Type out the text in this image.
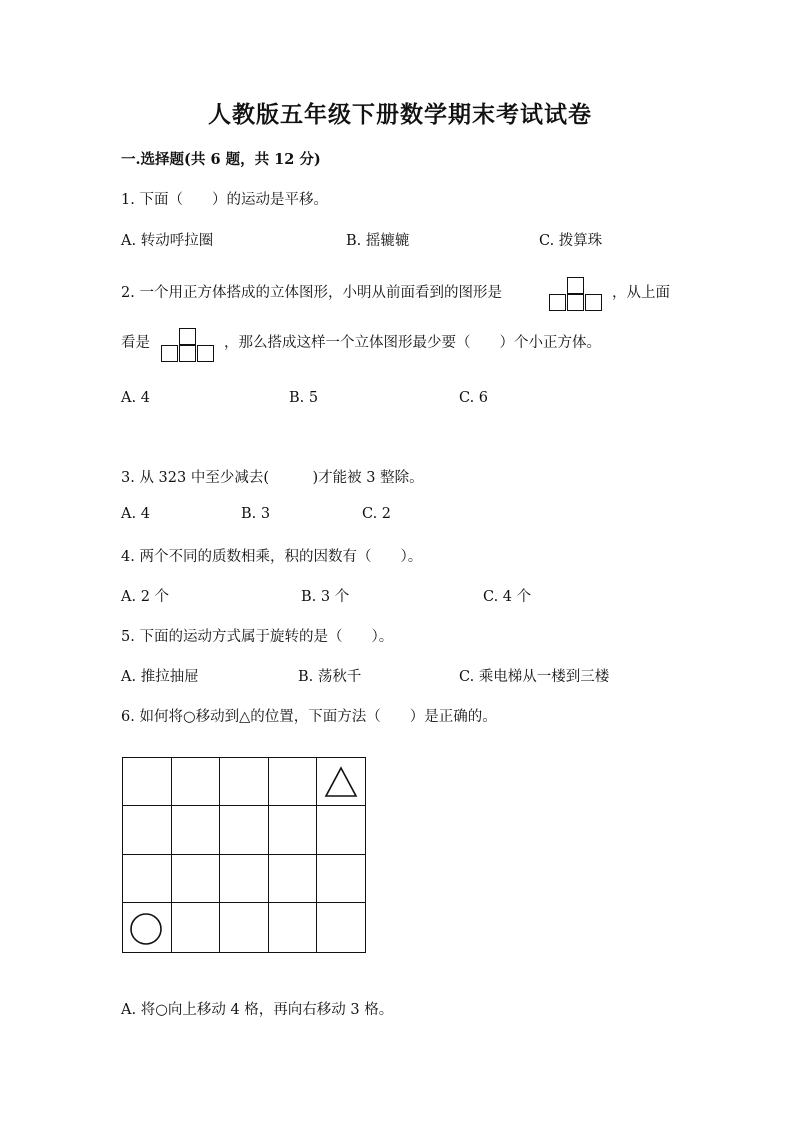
人教版五年级下册数学期末考试试卷
一.选择题(共 6 题，共 12 分)
1. 下面（　　）的运动是平移。
A. 转动呼拉圈	B. 摇辘辘	C. 拨算珠
2. 一个用正方体搭成的立体图形，小明从前面看到的图形是	，从上面
看是	，那么搭成这样一个立体图形最少要（　　）个小正方体。
A. 4	B. 5	C. 6
3. 从 323 中至少减去(　　　)才能被 3 整除。
A. 4	B. 3	C. 2
4. 两个不同的质数相乘，积的因数有（　　）。
A. 2 个	B. 3 个	C. 4 个
5. 下面的运动方式属于旋转的是（　　）。
A. 推拉抽屉	B. 荡秋千	C. 乘电梯从一楼到三楼
6. 如何将○移动到△的位置，下面方法（　　）是正确的。
A. 将○向上移动 4 格，再向右移动 3 格。
